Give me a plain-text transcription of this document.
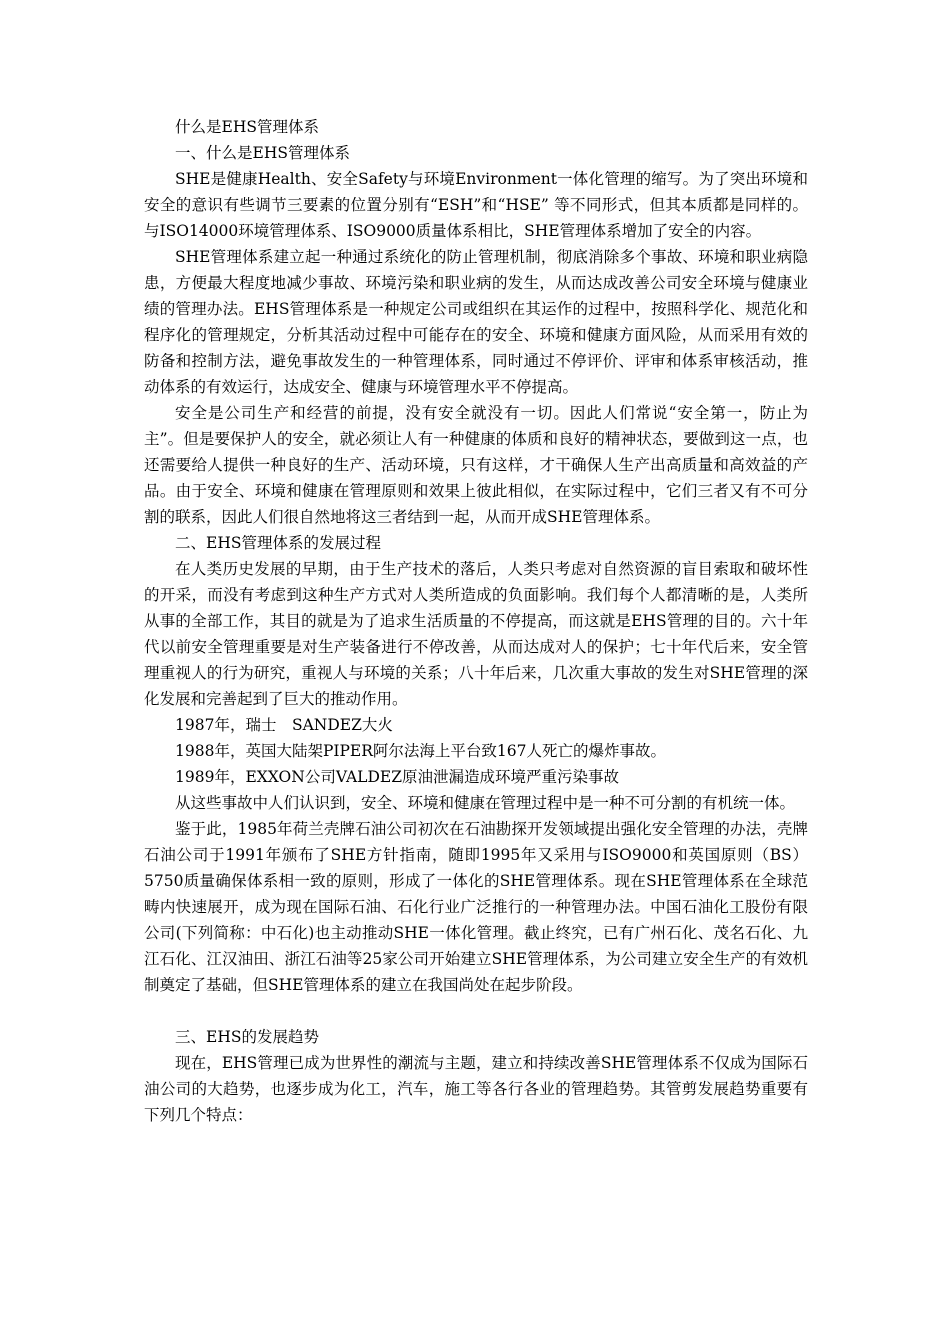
什么是EHS管理体系

一、什么是EHS管理体系

SHE是健康Health、安全Safety与环境Environment一体化管理的缩写。为了突出环境和安全的意识有些调节三要素的位置分别有“ESH”和“HSE” 等不同形式，但其本质都是同样的。与ISO14000环境管理体系、ISO9000质量体系相比，SHE管理体系增加了安全的内容。

SHE管理体系建立起一种通过系统化的防止管理机制，彻底消除多个事故、环境和职业病隐患，方便最大程度地减少事故、环境污染和职业病的发生，从而达成改善公司安全环境与健康业绩的管理办法。EHS管理体系是一种规定公司或组织在其运作的过程中，按照科学化、规范化和程序化的管理规定，分析其活动过程中可能存在的安全、环境和健康方面风险，从而采用有效的防备和控制方法，避免事故发生的一种管理体系，同时通过不停评价、评审和体系审核活动，推动体系的有效运行，达成安全、健康与环境管理水平不停提高。

安全是公司生产和经营的前提，没有安全就没有一切。因此人们常说“安全第一，防止为主”。但是要保护人的安全，就必须让人有一种健康的体质和良好的精神状态，要做到这一点，也还需要给人提供一种良好的生产、活动环境，只有这样，才干确保人生产出高质量和高效益的产品。由于安全、环境和健康在管理原则和效果上彼此相似，在实际过程中，它们三者又有不可分割的联系，因此人们很自然地将这三者结到一起，从而开成SHE管理体系。

二、EHS管理体系的发展过程

在人类历史发展的早期，由于生产技术的落后，人类只考虑对自然资源的盲目索取和破坏性的开采，而没有考虑到这种生产方式对人类所造成的负面影响。我们每个人都清晰的是，人类所从事的全部工作，其目的就是为了追求生活质量的不停提高，而这就是EHS管理的目的。六十年代以前安全管理重要是对生产装备进行不停改善，从而达成对人的保护；七十年代后来，安全管理重视人的行为研究，重视人与环境的关系；八十年后来，几次重大事故的发生对SHE管理的深化发展和完善起到了巨大的推动作用。

1987年，瑞士　SANDEZ大火

1988年，英国大陆架PIPER阿尔法海上平台致167人死亡的爆炸事故。

1989年，EXXON公司VALDEZ原油泄漏造成环境严重污染事故

从这些事故中人们认识到，安全、环境和健康在管理过程中是一种不可分割的有机统一体。

鉴于此，1985年荷兰壳牌石油公司初次在石油勘探开发领域提出强化安全管理的办法，壳牌石油公司于1991年颁布了SHE方针指南，随即1995年又采用与ISO9000和英国原则（BS）5750质量确保体系相一致的原则，形成了一体化的SHE管理体系。现在SHE管理体系在全球范畴内快速展开，成为现在国际石油、石化行业广泛推行的一种管理办法。中国石油化工股份有限公司(下列简称：中石化)也主动推动SHE一体化管理。截止终究，已有广州石化、茂名石化、九江石化、江汉油田、浙江石油等25家公司开始建立SHE管理体系，为公司建立安全生产的有效机制奠定了基础，但SHE管理体系的建立在我国尚处在起步阶段。

三、EHS的发展趋势

现在，EHS管理已成为世界性的潮流与主题，建立和持续改善SHE管理体系不仅成为国际石油公司的大趋势，也逐步成为化工，汽车，施工等各行各业的管理趋势。其管剪发展趋势重要有下列几个特点：
